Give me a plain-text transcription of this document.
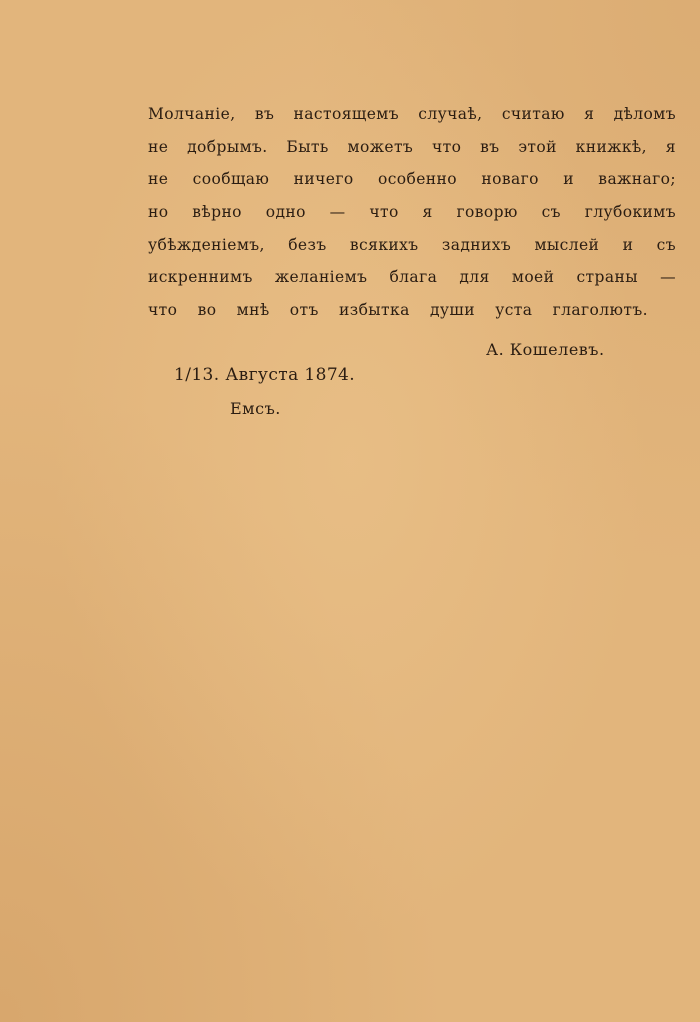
Молчаніе, въ настоящемъ случаѣ, считаю я дѣломъ
не добрымъ. Быть можетъ что въ этой книжкѣ, я
не сообщаю ничего особенно новаго и важнаго;
но вѣрно одно — что я говорю съ глубокимъ
убѣжденіемъ, безъ всякихъ заднихъ мыслей и съ
искреннимъ желаніемъ блага для моей страны —
что во мнѣ отъ избытка души уста глаголютъ.
А. Кошелевъ.
1/13. Августа 1874.
Емсъ.
